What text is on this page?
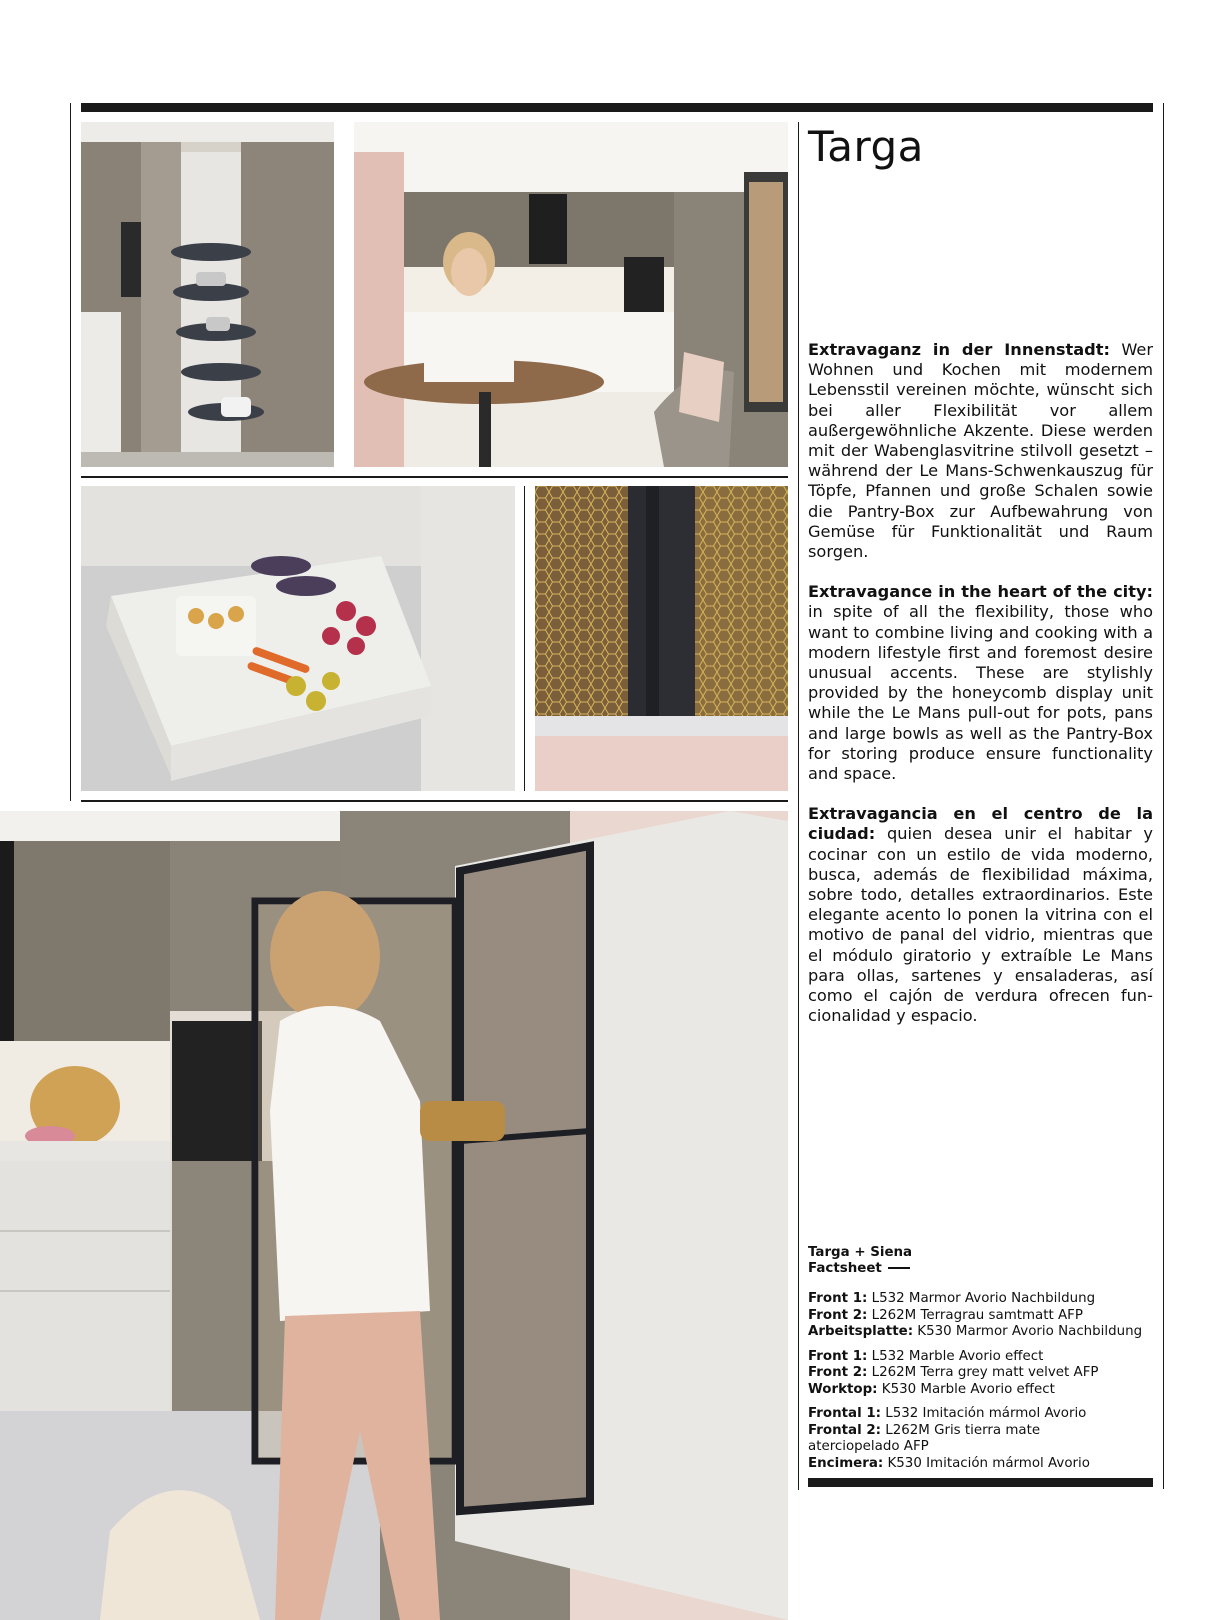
Targa

Extravaganz in der Innenstadt: Wer Wohnen und Kochen mit modernem Lebensstil vereinen möchte, wünscht sich bei aller Flexibilität vor allem außergewöhnliche Akzente. Diese werden mit der Wabenglasvitrine stilvoll gesetzt – während der Le Mans-Schwenkauszug für Töpfe, Pfannen und große Schalen sowie die Pantry-Box zur Aufbewahrung von Gemüse für Funktionalität und Raum sorgen.

Extravagance in the heart of the city: in spite of all the flexibility, those who want to combine living and cooking with a modern lifestyle first and foremost desire unusual accents. These are stylishly provided by the honeycomb display unit while the Le Mans pull-out for pots, pans and large bowls as well as the Pantry-Box for storing produce ensure functionality and space.

Extravagancia en el centro de la ciudad: quien desea unir el habitar y cocinar con un estilo de vida moderno, busca, además de flexibilidad máxima, sobre todo, detalles extraordinarios. Este elegante acento lo ponen la vitrina con el motivo de panal del vidrio, mientras que el módulo giratorio y extraíble Le Mans para ollas, sartenes y ensaladeras, así como el cajón de verdura ofrecen funcionalidad y espacio.

Targa + Siena
Factsheet
Front 1: L532 Marmor Avorio Nachbildung
Front 2: L262M Terragrau samtmatt AFP
Arbeitsplatte: K530 Marmor Avorio Nachbildung
Front 1: L532 Marble Avorio effect
Front 2: L262M Terra grey matt velvet AFP
Worktop: K530 Marble Avorio effect
Frontal 1: L532 Imitación mármol Avorio
Frontal 2: L262M Gris tierra mate
aterciopelado AFP
Encimera: K530 Imitación mármol Avorio
